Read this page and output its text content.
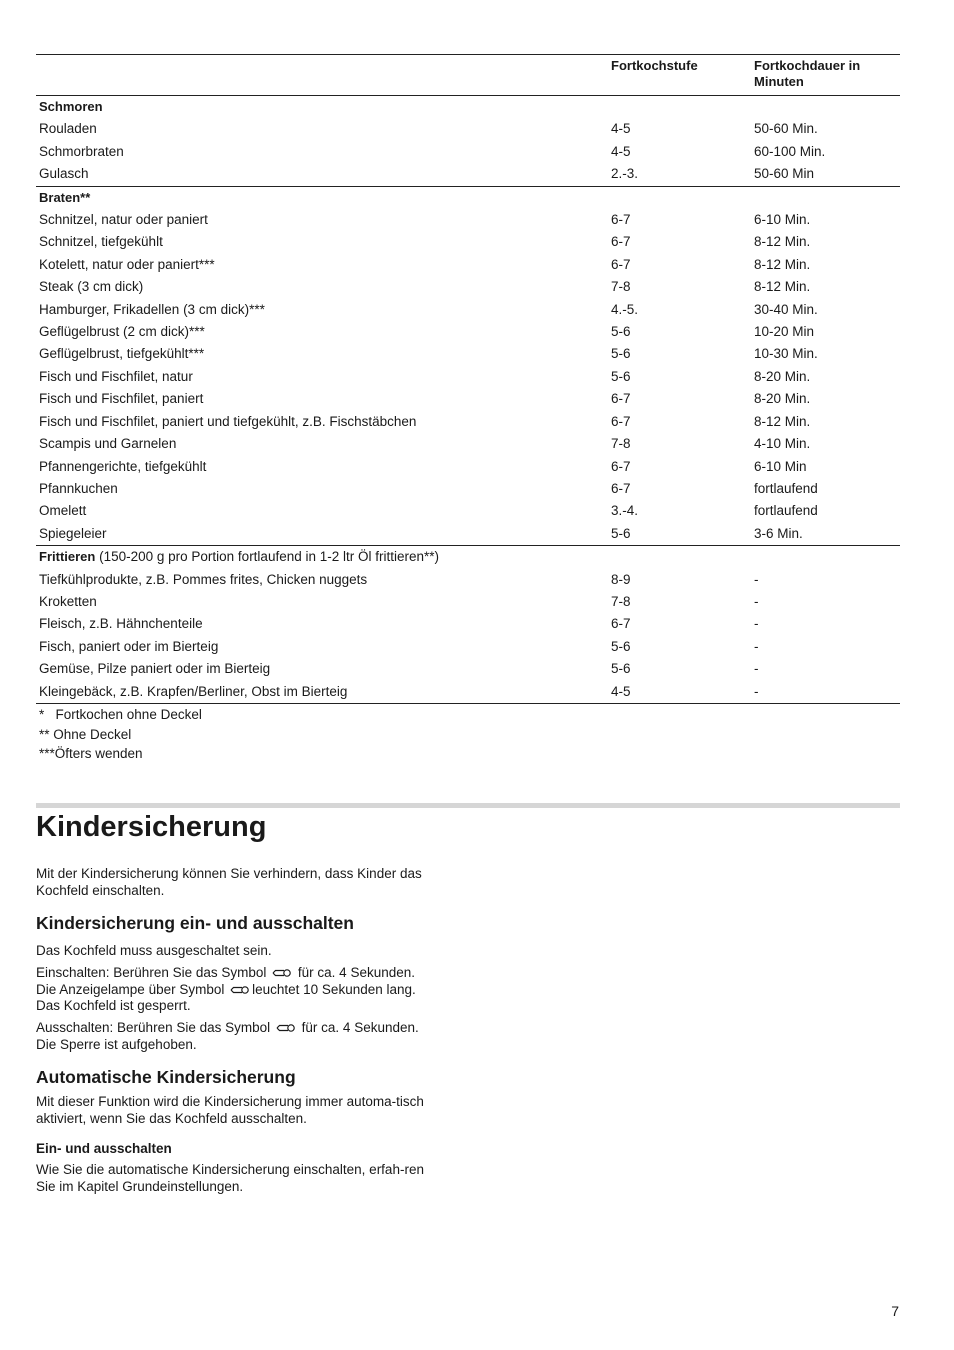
	Fortkochstufe	Fortkochdauer in Minuten
Schmoren		
Rouladen	4-5	50-60 Min.
Schmorbraten	4-5	60-100 Min.
Gulasch	2.-3.	50-60 Min
Braten**		
Schnitzel, natur oder paniert	6-7	6-10 Min.
Schnitzel, tiefgekühlt	6-7	8-12 Min.
Kotelett, natur oder paniert***	6-7	8-12 Min.
Steak (3 cm dick)	7-8	8-12 Min.
Hamburger, Frikadellen (3 cm dick)***	4.-5.	30-40 Min.
Geflügelbrust (2 cm dick)***	5-6	10-20 Min
Geflügelbrust, tiefgekühlt***	5-6	10-30 Min.
Fisch und Fischfilet, natur	5-6	8-20 Min.
Fisch und Fischfilet, paniert	6-7	8-20 Min.
Fisch und Fischfilet, paniert und tiefgekühlt, z.B. Fischstäbchen	6-7	8-12 Min.
Scampis und Garnelen	7-8	4-10 Min.
Pfannengerichte, tiefgekühlt	6-7	6-10 Min
Pfannkuchen	6-7	fortlaufend
Omelett	3.-4.	fortlaufend
Spiegeleier	5-6	3-6 Min.
Frittieren (150-200 g pro Portion fortlaufend in 1-2 ltr Öl frittieren**)		
Tiefkühlprodukte, z.B. Pommes frites, Chicken nuggets	8-9	-
Kroketten	7-8	-
Fleisch, z.B. Hähnchenteile	6-7	-
Fisch, paniert oder im Bierteig	5-6	-
Gemüse, Pilze paniert oder im Bierteig	5-6	-
Kleingebäck, z.B. Krapfen/Berliner, Obst im Bierteig	4-5	-
*   Fortkochen ohne Deckel
** Ohne Deckel
***Öfters wenden
Kindersicherung

Mit der Kindersicherung können Sie verhindern, dass Kinder das Kochfeld einschalten.

Kindersicherung ein- und ausschalten

Das Kochfeld muss ausgeschaltet sein.

Einschalten: Berühren Sie das Symbol für ca. 4 Sekunden.
Die Anzeigelampe über Symbol leuchtet 10 Sekunden lang.
Das Kochfeld ist gesperrt.

Ausschalten: Berühren Sie das Symbol für ca. 4 Sekunden.
Die Sperre ist aufgehoben.

Automatische Kindersicherung

Mit dieser Funktion wird die Kindersicherung immer automa-tisch aktiviert, wenn Sie das Kochfeld ausschalten.

Ein- und ausschalten

Wie Sie die automatische Kindersicherung einschalten, erfah-ren Sie im Kapitel Grundeinstellungen.

7
